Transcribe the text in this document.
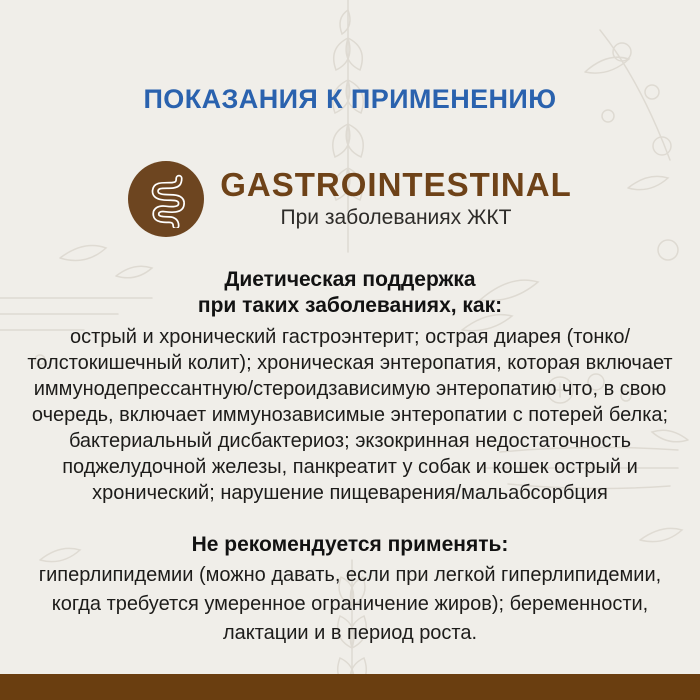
ПОКАЗАНИЯ К ПРИМЕНЕНИЮ
GASTROINTESTINAL
При заболеваниях ЖКТ
Диетическая поддержка
при таких заболеваниях, как:

острый и хронический гастроэнтерит; острая диарея (тонко/толстокишечный колит); хроническая энтеропатия, которая включает иммунодепрессантную/стероидзависимую энтеропатию что, в свою очередь, включает иммунозависимые энтеропатии с потерей белка; бактериальный дисбактериоз; экзокринная недостаточность поджелудочной железы, панкреатит у собак и кошек острый и хронический; нарушение пищеварения/мальабсорбция

Не рекомендуется применять:

гиперлипидемии (можно давать, если при легкой гиперлипидемии, когда требуется умеренное ограничение жиров); беременности, лактации и в период роста.
